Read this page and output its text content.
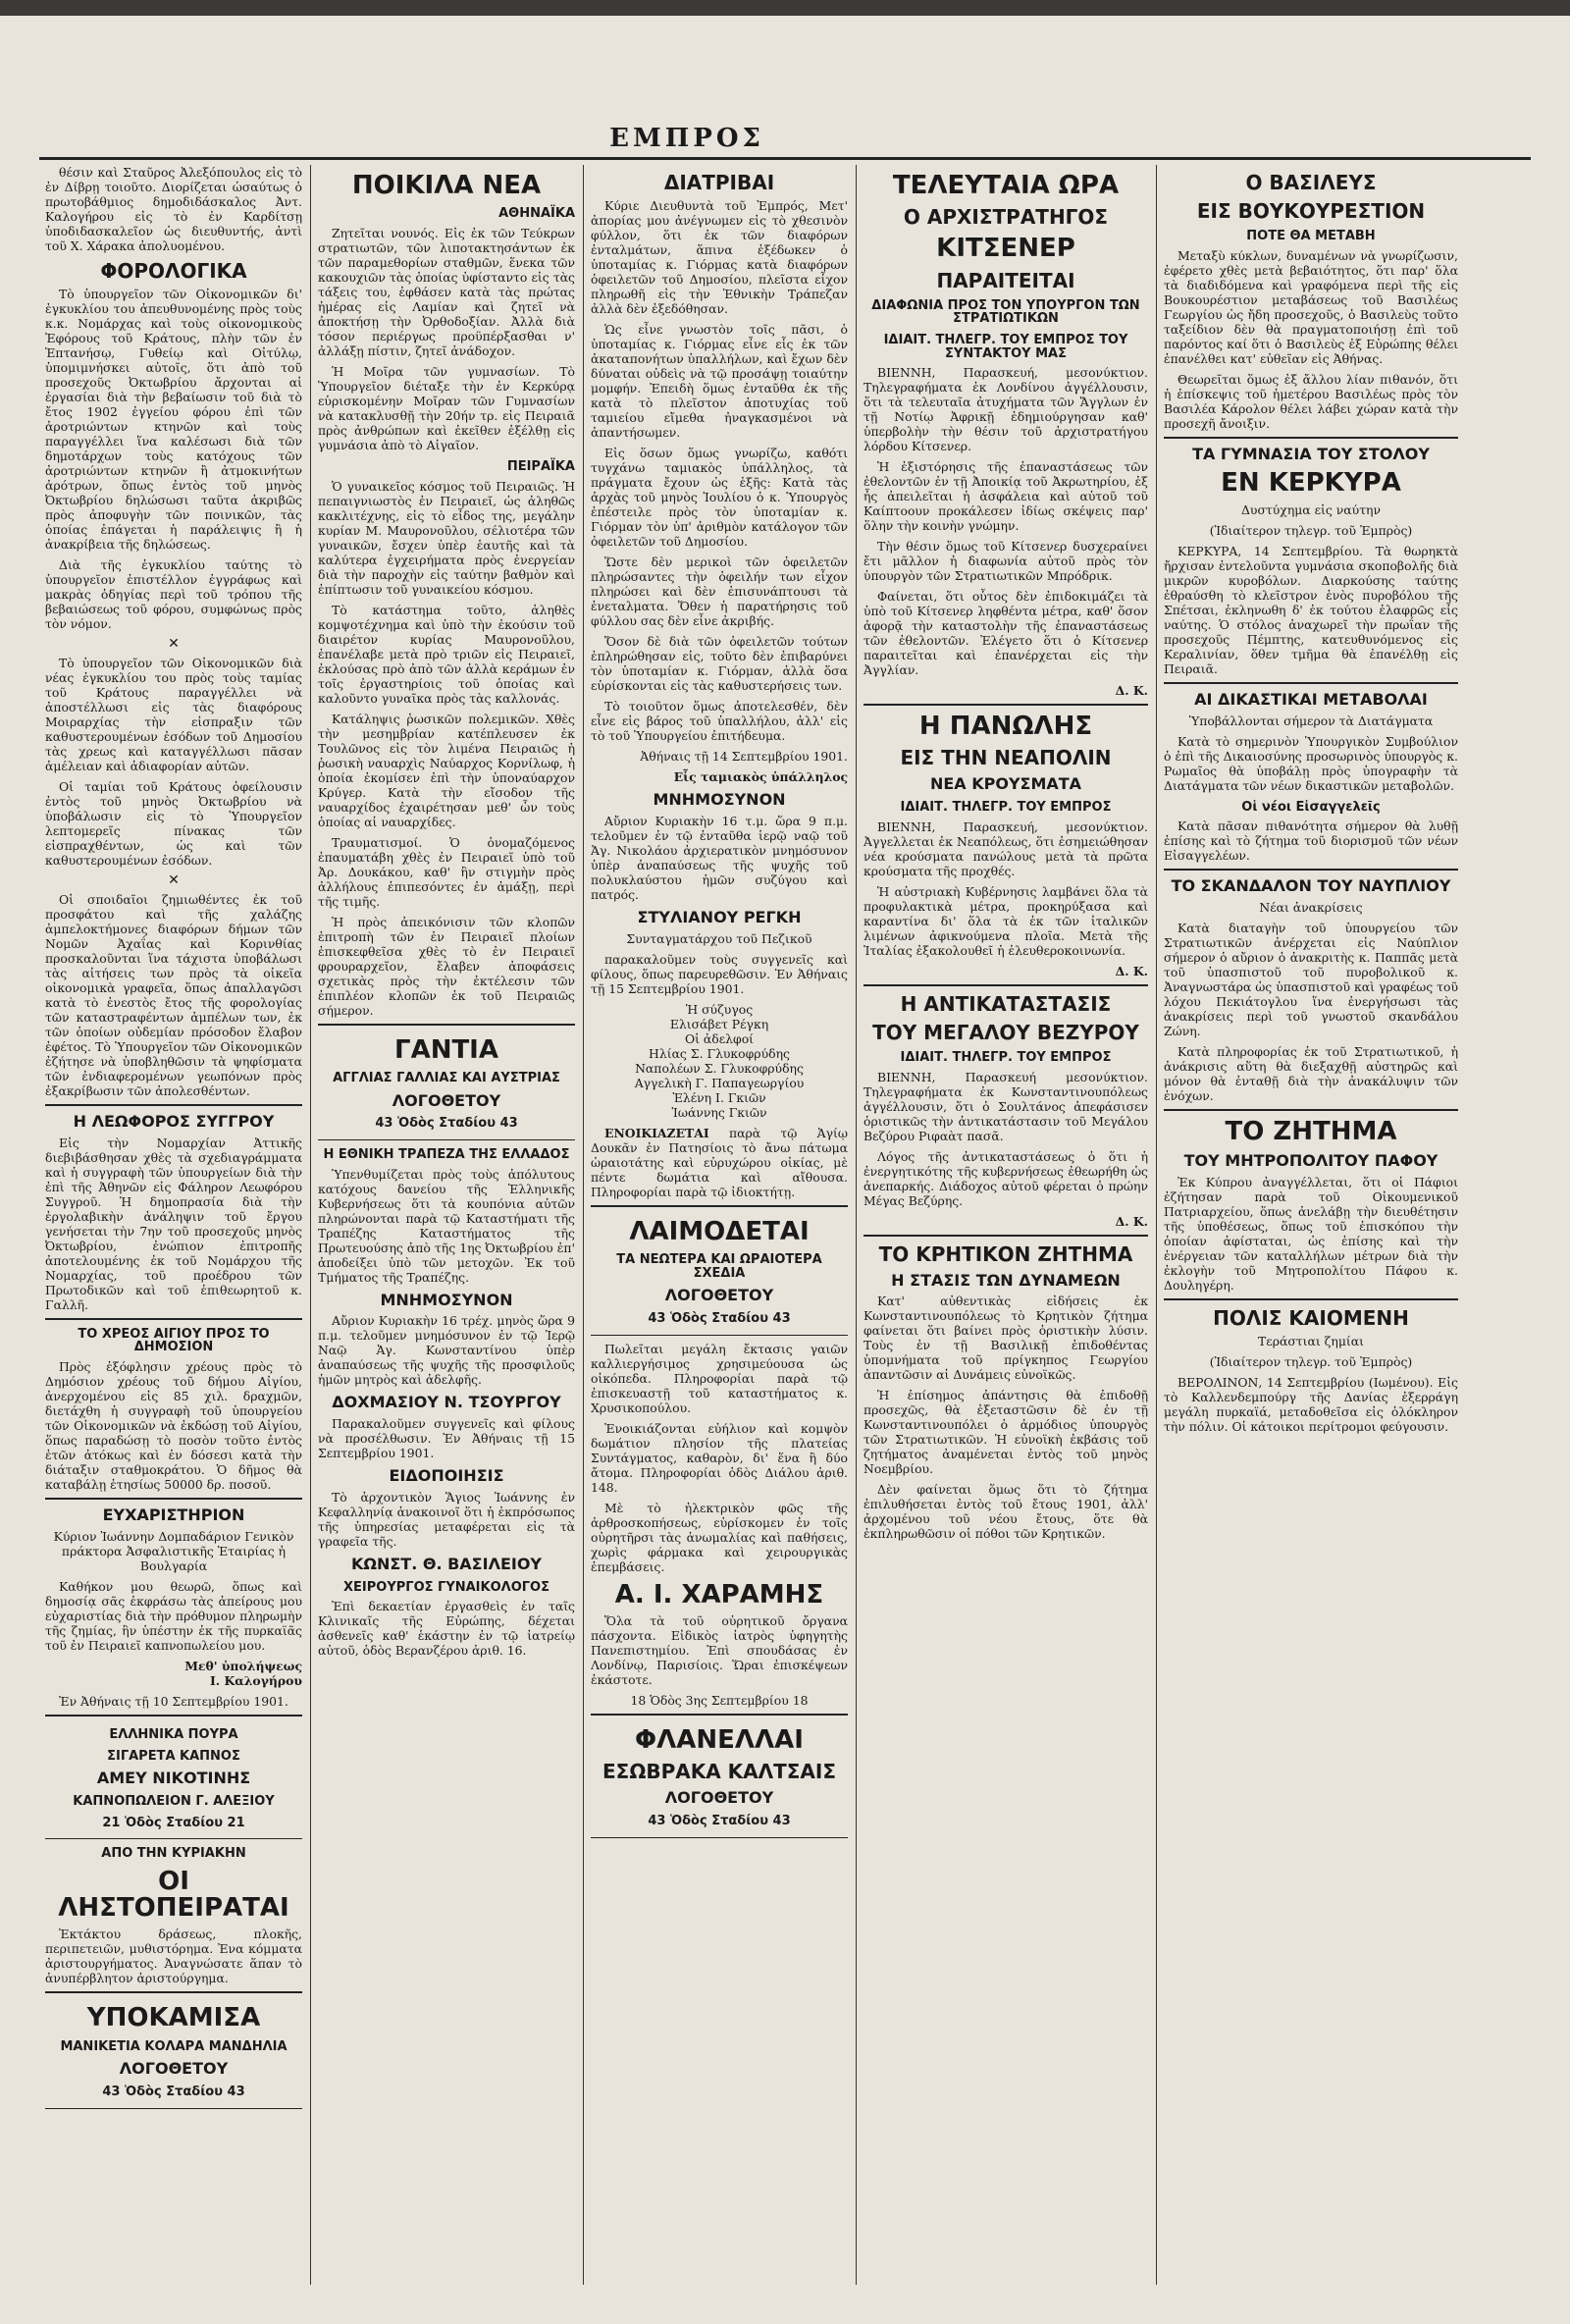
ΕΜΠΡΟΣ

θέσιν καὶ Σταῦρος Ἀλεξόπουλος εἰς τὸ ἐν Δίβρῃ τοιοῦτο. Διορίζεται ὡσαύτως ὁ πρωτοβάθμιος δημοδιδάσκαλος Ἀντ. Καλογήρου εἰς τὸ ἐν Καρδίτσῃ ὑποδιδασκαλεῖον ὡς διευθυντής, ἀντὶ τοῦ Χ. Χάρακα ἀπολυομένου.

ΦΟΡΟΛΟΓΙΚΑ

Τὸ ὑπουργεῖον τῶν Οἰκονομικῶν δι' ἐγκυκλίου του ἀπευθυνομένης πρὸς τοὺς κ.κ. Νομάρχας καὶ τοὺς οἰκονομικοὺς Ἐφόρους τοῦ Κράτους, πλὴν τῶν ἐν Ἑπτανήσῳ, Γυθείῳ καὶ Οἰτύλῳ, ὑπομιμνήσκει αὐτοῖς, ὅτι ἀπὸ τοῦ προσεχοῦς Ὀκτωβρίου ἄρχονται αἱ ἐργασίαι διὰ τὴν βεβαίωσιν τοῦ διὰ τὸ ἔτος 1902 ἐγγείου φόρου ἐπὶ τῶν ἀροτριώντων κτηνῶν καὶ τοὺς παραγγέλλει ἵνα καλέσωσι διὰ τῶν δημοτάρχων τοὺς κατόχους τῶν ἀροτριώντων κτηνῶν ἢ ἀτμοκινήτων ἀρότρων, ὅπως ἐντὸς τοῦ μηνὸς Ὀκτωβρίου δηλώσωσι ταῦτα ἀκριβῶς πρὸς ἀποφυγὴν τῶν ποινικῶν, τὰς ὁποίας ἐπάγεται ἡ παράλειψις ἢ ἡ ἀνακρίβεια τῆς δηλώσεως.

Διὰ τῆς ἐγκυκλίου ταύτης τὸ ὑπουργεῖον ἐπιστέλλον ἐγγράφως καὶ μακρὰς ὁδηγίας περὶ τοῦ τρόπου τῆς βεβαιώσεως τοῦ φόρου, συμφώνως πρὸς τὸν νόμον.

✕

Τὸ ὑπουργεῖον τῶν Οἰκονομικῶν διὰ νέας ἐγκυκλίου του πρὸς τοὺς ταμίας τοῦ Κράτους παραγγέλλει νὰ ἀποστέλλωσι εἰς τὰς διαφόρους Μοιραρχίας τὴν εἰσπραξιν τῶν καθυστερουμένων ἐσόδων τοῦ Δημοσίου τὰς χρεως καὶ καταγγέλλωσι πᾶσαν ἀμέλειαν καὶ ἀδιαφορίαν αὐτῶν.

Οἱ ταμίαι τοῦ Κράτους ὀφείλουσιν ἐντὸς τοῦ μηνὸς Ὀκτωβρίου νὰ ὑποβάλωσιν εἰς τὸ Ὑπουργεῖον λεπτομερεῖς πίνακας τῶν εἰσπραχθέντων, ὡς καὶ τῶν καθυστερουμένων ἐσόδων.

✕

Οἱ σποιδαῖοι ζημιωθέντες ἐκ τοῦ προσφάτου καὶ τῆς χαλάζης ἀμπελοκτήμονες διαφόρων δήμων τῶν Νομῶν Ἀχαΐας καὶ Κορινθίας προσκαλοῦνται ἵνα τάχιστα ὑποβάλωσι τὰς αἰτήσεις των πρὸς τὰ οἰκεῖα οἰκονομικὰ γραφεῖα, ὅπως ἀπαλλαγῶσι κατὰ τὸ ἐνεστὸς ἔτος τῆς φορολογίας τῶν καταστραφέντων ἀμπέλων των, ἐκ τῶν ὁποίων οὐδεμίαν πρόσοδον ἔλαβον ἐφέτος. Τὸ Ὑπουργεῖον τῶν Οἰκονομικῶν ἐζήτησε νὰ ὑποβληθῶσιν τὰ ψηφίσματα τῶν ἐνδιαφερομένων γεωπόνων πρὸς ἐξακρίβωσιν τῶν ἀπολεσθέντων.

Η ΛΕΩΦΟΡΟΣ ΣΥΓΓΡΟΥ

Εἰς τὴν Νομαρχίαν Ἀττικῆς διεβιβάσθησαν χθὲς τὰ σχεδιαγράμματα καὶ ἡ συγγραφὴ τῶν ὑπουργείων διὰ τὴν ἐπὶ τῆς Ἀθηνῶν εἰς Φάληρον Λεωφόρου Συγγροῦ. Ἡ δημοπρασία διὰ τὴν ἐργολαβικὴν ἀνάληψιν τοῦ ἔργου γενήσεται τὴν 7ην τοῦ προσεχοῦς μηνὸς Ὀκτωβρίου, ἐνώπιον ἐπιτροπῆς ἀποτελουμένης ἐκ τοῦ Νομάρχου τῆς Νομαρχίας, τοῦ προέδρου τῶν Πρωτοδικῶν καὶ τοῦ ἐπιθεωρητοῦ κ. Γαλλῆ.

ΤΟ ΧΡΕΟΣ ΑΙΓΙΟΥ ΠΡΟΣ ΤΟ ΔΗΜΟΣΙΟΝ

Πρὸς ἐξόφλησιν χρέους πρὸς τὸ Δημόσιον χρέους τοῦ δήμου Αἰγίου, ἀνερχομένου εἰς 85 χιλ. δραχμῶν, διετάχθη ἡ συγγραφὴ τοῦ ὑπουργείου τῶν Οἰκονομικῶν νὰ ἐκδώσῃ τοῦ Αἰγίου, ὅπως παραδώσῃ τὸ ποσὸν τοῦτο ἐντὸς ἐτῶν ἀτόκως καὶ ἐν δόσεσι κατὰ τὴν διάταξιν σταθμοκράτου. Ὁ δῆμος θὰ καταβάλῃ ἐτησίως 50000 δρ. ποσοῦ.

ΕΥΧΑΡΙΣΤΗΡΙΟΝ

Κύριον Ἰωάννην Δομπαδάριον Γενικὸν πράκτορα Ἀσφαλιστικῆς Ἑταιρίας ἡ Βουλγαρία

Καθήκον μου θεωρῶ, ὅπως καὶ δημοσίᾳ σᾶς ἐκφράσω τὰς ἀπείρους μου εὐχαριστίας διὰ τὴν πρόθυμον πληρωμὴν τῆς ζημίας, ἣν ὑπέστην ἐκ τῆς πυρκαϊᾶς τοῦ ἐν Πειραιεῖ καπνοπωλείου μου.

Μεθ' ὑπολήψεως
Ι. Καλογήρου

Ἐν Ἀθήναις τῇ 10 Σεπτεμβρίου 1901.

ΕΛΛΗΝΙΚΑ ΠΟΥΡΑ
ΣΙΓΑΡΕΤΑ ΚΑΠΝΟΣ
ΑΜΕΥ ΝΙΚΟΤΙΝΗΣ
ΚΑΠΝΟΠΩΛΕΙΟΝ Γ. ΑΛΕΞΙΟΥ
21 Ὁδὸς Σταδίου 21
ΑΠΟ ΤΗΝ ΚΥΡΙΑΚΗΝ
ΟΙ ΛΗΣΤΟΠΕΙΡΑΤΑΙ

Ἐκτάκτου δράσεως, πλοκῆς, περιπετειῶν, μυθιστόρημα. Ἐνα κόμματα ἀριστουργήματος. Ἀναγνώσατε ἅπαν τὸ ἀνυπέρβλητον ἀριστούργημα.

ΥΠΟΚΑΜΙΣΑ
ΜΑΝΙΚΕΤΙΑ ΚΟΛΑΡΑ ΜΑΝΔΗΛΙΑ
ΛΟΓΟΘΕΤΟΥ
43 Ὁδὸς Σταδίου 43
ΠΟΙΚΙΛΑ ΝΕΑ
ΑΘΗΝΑΪΚΑ

Ζητεῖται νουνός. Εἰς ἐκ τῶν Τεύκρων στρατιωτῶν, τῶν λιποτακτησάντων ἐκ τῶν παραμεθορίων σταθμῶν, ἕνεκα τῶν κακουχιῶν τὰς ὁποίας ὑφίσταντο εἰς τὰς τάξεις του, ἐφθάσεν κατὰ τὰς πρώτας ἡμέρας εἰς Λαμίαν καὶ ζητεῖ νὰ ἀποκτήσῃ τὴν Ὀρθοδοξίαν. Ἀλλὰ διὰ τόσον περιέργως προϋπέρξασθαι ν' ἀλλάξῃ πίστιν, ζητεῖ ἀνάδοχον.

Ἡ Μοῖρα τῶν γυμνασίων. Τὸ Ὑπουργεῖον διέταξε τὴν ἐν Κερκύρᾳ εὑρισκομένην Μοῖραν τῶν Γυμνασίων νὰ κατακλυσθῇ τὴν 20ήν τρ. εἰς Πειραιᾶ πρὸς ἀνθρώπων καὶ ἐκεῖθεν ἐξέλθῃ εἰς γυμνάσια ἀπὸ τὸ Αἰγαῖον.

ΠΕΙΡΑΪΚΑ

Ὁ γυναικεῖος κόσμος τοῦ Πειραιῶς. Ἡ πεπαιγνιωστὸς ἐν Πειραιεῖ, ὡς ἀληθῶς κακλιτέχνης, εἰς τὸ εἶδος της, μεγάλην κυρίαν Μ. Μαυρονοῦλου, σέλιοτέρα τῶν γυναικῶν, ἔσχεν ὑπὲρ ἑαυτῆς καὶ τὰ καλύτερα ἐγχειρήματα πρὸς ἐνεργείαν διὰ τὴν παροχὴν εἰς ταύτην βαθμὸν καὶ ἐπίπτωσιν τοῦ γυναικείου κόσμου.

Τὸ κατάστημα τοῦτο, ἀληθὲς κομψοτέχνημα καὶ ὑπὸ τὴν ἐκούσιν τοῦ διαιρέτον κυρίας Μαυρονοῦλου, ἐπανέλαβε μετὰ πρὸ τριῶν εἰς Πειραιεῖ, ἐκλούσας πρὸ ἀπὸ τῶν ἀλλὰ κεράμων ἐν τοῖς ἐργαστηρίοις τοῦ ὁποίας καὶ καλοῦντο γυναῖκα πρὸς τὰς καλλονάς.

Κατάληψις ῥωσικῶν πολεμικῶν. Χθὲς τὴν μεσημβρίαν κατέπλευσεν ἐκ Τουλῶνος εἰς τὸν λιμένα Πειραιῶς ἡ ῥωσικὴ ναυαρχὶς Ναύαρχος Κορνίλωφ, ἡ ὁποία ἐκομίσεν ἐπὶ τὴν ὑποναύαρχον Κρύγερ. Κατὰ τὴν εἴσοδον τῆς ναυαρχίδος ἐχαιρέτησαν μεθ' ὧν τοὺς ὁποίας αἱ ναυαρχίδες.

Τραυματισμοί. Ὁ ὀνομαζόμενος ἐπαυματάβη χθὲς ἐν Πειραιεῖ ὑπὸ τοῦ Ἀρ. Δουκάκου, καθ' ἣν στιγμὴν πρὸς ἀλλήλους ἐπιπεσόντες ἐν ἀμάξῃ, περὶ τῆς τιμῆς.

Ἡ πρὸς ἀπεικόνισιν τῶν κλοπῶν ἐπιτροπὴ τῶν ἐν Πειραιεῖ πλοίων ἐπισκεφθεῖσα χθὲς τὸ ἐν Πειραιεῖ φρουραρχεῖον, ἔλαβεν ἀποφάσεις σχετικὰς πρὸς τὴν ἐκτέλεσιν τῶν ἐπιπλέον κλοπῶν ἐκ τοῦ Πειραιῶς σήμερον.

ΓΑΝΤΙΑ
ΑΓΓΛΙΑΣ ΓΑΛΛΙΑΣ ΚΑΙ ΑΥΣΤΡΙΑΣ
ΛΟΓΟΘΕΤΟΥ
43 Ὁδὸς Σταδίου 43
Η ΕΘΝΙΚΗ ΤΡΑΠΕΖΑ ΤΗΣ ΕΛΛΑΔΟΣ

Ὑπενθυμίζεται πρὸς τοὺς ἀπόλυτους κατόχους δανείου τῆς Ἑλληνικῆς Κυβερνήσεως ὅτι τὰ κουπόνια αὐτῶν πληρώνονται παρὰ τῷ Καταστήματι τῆς Τραπέζης Καταστήματος τῆς Πρωτευούσης ἀπὸ τῆς 1ης Ὀκτωβρίου ἐπ' ἀποδείξει ὑπὸ τῶν μετοχῶν. Ἐκ τοῦ Τμήματος τῆς Τραπέζης.

ΜΝΗΜΟΣΥΝΟΝ

Αὔριον Κυριακὴν 16 τρέχ. μηνὸς ὥρα 9 π.μ. τελοῦμεν μνημόσυνον ἐν τῷ Ἱερῷ Ναῷ Ἁγ. Κωνσταντίνου ὑπὲρ ἀναπαύσεως τῆς ψυχῆς τῆς προσφιλοῦς ἡμῶν μητρὸς καὶ ἀδελφῆς.

ΔΟΧΜΑΣΙΟΥ Ν. ΤΣΟΥΡΓΟΥ

Παρακαλοῦμεν συγγενεῖς καὶ φίλους νὰ προσέλθωσιν. Ἐν Ἀθήναις τῇ 15 Σεπτεμβρίου 1901.

ΕΙΔΟΠΟΙΗΣΙΣ

Τὸ ἀρχοντικὸν Ἅγιος Ἰωάννης ἐν Κεφαλληνίᾳ ἀνακοινοῖ ὅτι ἡ ἐκπρόσωπος τῆς ὑπηρεσίας μεταφέρεται εἰς τὰ γραφεῖα τῆς.

ΚΩΝΣΤ. Θ. ΒΑΣΙΛΕΙΟΥ
ΧΕΙΡΟΥΡΓΟΣ ΓΥΝΑΙΚΟΛΟΓΟΣ

Ἐπὶ δεκαετίαν ἐργασθεὶς ἐν ταῖς Κλινικαῖς τῆς Εὐρώπης, δέχεται ἀσθενεῖς καθ' ἑκάστην ἐν τῷ ἰατρείῳ αὐτοῦ, ὁδὸς Βερανζέρου ἀριθ. 16.

ΔΙΑΤΡΙΒΑΙ

Κύριε Διευθυντὰ τοῦ Ἐμπρός, Μετ' ἀπορίας μου ἀνέγνωμεν εἰς τὸ χθεσινὸν φύλλον, ὅτι ἐκ τῶν διαφόρων ἐνταλμάτων, ἅπινα ἐξέδωκεν ὁ ὑποταμίας κ. Γιόρμας κατὰ διαφόρων ὀφειλετῶν τοῦ Δημοσίου, πλεῖστα εἶχον πληρωθῆ εἰς τὴν Ἐθνικὴν Τράπεζαν ἀλλὰ δὲν ἐξεδόθησαν.

Ὡς εἶνε γνωστὸν τοῖς πᾶσι, ὁ ὑποταμίας κ. Γιόρμας εἶνε εἷς ἐκ τῶν ἀκαταπονήτων ὑπαλλήλων, καὶ ἔχων δὲν δύναται οὐδεὶς νὰ τῷ προσάψῃ τοιαύτην μομφήν. Ἐπειδὴ ὅμως ἐνταῦθα ἐκ τῆς κατὰ τὸ πλεῖστον ἀποτυχίας τοῦ ταμιείου εἴμεθα ἠναγκασμένοι νὰ ἀπαντήσωμεν.

Εἰς ὅσων ὅμως γνωρίζω, καθότι τυγχάνω ταμιακὸς ὑπάλληλος, τὰ πράγματα ἔχουν ὡς ἑξῆς: Κατὰ τὰς ἀρχὰς τοῦ μηνὸς Ἰουλίου ὁ κ. Ὑπουργὸς ἐπέστειλε πρὸς τὸν ὑποταμίαν κ. Γιόρμαν τὸν ὑπ' ἀριθμὸν κατάλογον τῶν ὀφειλετῶν τοῦ Δημοσίου.

Ὥστε δὲν μερικοὶ τῶν ὀφειλετῶν πληρώσαντες τὴν ὀφειλήν των εἶχον πληρώσει καὶ δὲν ἐπισυνάπτουσι τὰ ἐνεταλματα. Ὅθεν ἡ παρατήρησις τοῦ φύλλου σας δὲν εἶνε ἀκριβής.

Ὅσον δὲ διὰ τῶν ὀφειλετῶν τούτων ἐπληρώθησαν εἰς, τοῦτο δὲν ἐπιβαρύνει τὸν ὑποταμίαν κ. Γιόρμαν, ἀλλὰ ὅσα εὑρίσκονται εἰς τὰς καθυστερήσεις των.

Τὸ τοιοῦτον ὅμως ἀποτελεσθέν, δὲν εἶνε εἰς βάρος τοῦ ὑπαλλήλου, ἀλλ' εἰς τὸ τοῦ Ὑπουργείου ἐπιτήδευμα.

Ἀθήναις τῇ 14 Σεπτεμβρίου 1901.

Εἷς ταμιακὸς ὑπάλληλος

ΜΝΗΜΟΣΥΝΟΝ

Αὔριον Κυριακὴν 16 τ.μ. ὥρα 9 π.μ. τελοῦμεν ἐν τῷ ἐνταῦθα ἱερῷ ναῷ τοῦ Ἁγ. Νικολάου ἀρχιερατικὸν μνημόσυνον ὑπὲρ ἀναπαύσεως τῆς ψυχῆς τοῦ πολυκλαύστου ἡμῶν συζύγου καὶ πατρός.

ΣΤΥΛΙΑΝΟΥ ΡΕΓΚΗ

Συνταγματάρχου τοῦ Πεζικοῦ

παρακαλοῦμεν τοὺς συγγενεῖς καὶ φίλους, ὅπως παρευρεθῶσιν. Ἐν Ἀθήναις τῇ 15 Σεπτεμβρίου 1901.

Ἡ σύζυγος
Ελισάβετ Ρέγκη
Οἱ ἀδελφοί
Ηλίας Σ. Γλυκοφρύδης
Ναπολέων Σ. Γλυκοφρύδης
Αγγελικὴ Γ. Παπαγεωργίου
Ἐλένη Ι. Γκιῶν
Ἰωάννης Γκιῶν

ΕΝΟΙΚΙΑΖΕΤΑΙ παρὰ τῷ Ἁγίῳ Δουκᾶν ἐν Πατησίοις τὸ ἄνω πάτωμα ὡραιοτάτης καὶ εὐρυχώρου οἰκίας, μὲ πέντε δωμάτια καὶ αἴθουσα. Πληροφορίαι παρὰ τῷ ἰδιοκτήτῃ.

ΛΑΙΜΟΔΕΤΑΙ
ΤΑ ΝΕΩΤΕΡΑ ΚΑΙ ΩΡΑΙΟΤΕΡΑ ΣΧΕΔΙΑ
ΛΟΓΟΘΕΤΟΥ
43 Ὁδὸς Σταδίου 43

Πωλεῖται μεγάλη ἔκτασις γαιῶν καλλιεργήσιμος χρησιμεύουσα ὡς οἰκόπεδα. Πληροφορίαι παρὰ τῷ ἐπισκευαστῇ τοῦ καταστήματος κ. Χρυσικοπούλου.

Ἐνοικιάζονται εὐήλιον καὶ κομψὸν δωμάτιον πλησίον τῆς πλατείας Συντάγματος, καθαρὸν, δι' ἕνα ἢ δύο ἄτομα. Πληροφορίαι ὁδὸς Διάλου ἀριθ. 148.

Μὲ τὸ ἠλεκτρικὸν φῶς τῆς ἀρθροσκοπήσεως, εὑρίσκομεν ἐν τοῖς οὐρητῆρσι τὰς ἀνωμαλίας καὶ παθήσεις, χωρὶς φάρμακα καὶ χειρουργικὰς ἐπεμβάσεις.

Α. Ι. ΧΑΡΑΜΗΣ

Ὅλα τὰ τοῦ οὐρητικοῦ ὄργανα πάσχοντα. Εἰδικὸς ἰατρὸς ὑφηγητὴς Πανεπιστημίου. Ἐπὶ σπουδάσας ἐν Λονδίνῳ, Παρισίοις. Ὥραι ἐπισκέψεων ἐκάστοτε.

18 Ὁδὸς 3ης Σεπτεμβρίου 18

ΦΛΑΝΕΛΛΑΙ
ΕΣΩΒΡΑΚΑ ΚΑΛΤΣΑΙΣ
ΛΟΓΟΘΕΤΟΥ
43 Ὁδὸς Σταδίου 43
ΤΕΛΕΥΤΑΙΑ ΩΡΑ
Ο ΑΡΧΙΣΤΡΑΤΗΓΟΣ
ΚΙΤΣΕΝΕΡ
ΠΑΡΑΙΤΕΙΤΑΙ
ΔΙΑΦΩΝΙΑ ΠΡΟΣ ΤΟΝ ΥΠΟΥΡΓΟΝ ΤΩΝ ΣΤΡΑΤΙΩΤΙΚΩΝ
ΙΔΙΑΙΤ. ΤΗΛΕΓΡ. ΤΟΥ ΕΜΠΡΟΣ ΤΟΥ ΣΥΝΤΑΚΤΟΥ ΜΑΣ

ΒΙΕΝΝΗ, Παρασκευή, μεσονύκτιον. Τηλεγραφήματα ἐκ Λονδίνου ἀγγέλλουσιν, ὅτι τὰ τελευταῖα ἀτυχήματα τῶν Ἄγγλων ἐν τῇ Νοτίῳ Ἀφρικῇ ἐδημιούργησαν καθ' ὑπερβολὴν τὴν θέσιν τοῦ ἀρχιστρατήγου λόρδου Κίτσενερ.

Ἡ ἐξιστόρησις τῆς ἐπαναστάσεως τῶν ἐθελοντῶν ἐν τῇ Ἀποικίᾳ τοῦ Ἀκρωτηρίου, ἐξ ἧς ἀπειλεῖται ἡ ἀσφάλεια καὶ αὐτοῦ τοῦ Καίπτοουν προκάλεσεν ἰδίως σκέψεις παρ' ὅλην τὴν κοινὴν γνώμην.

Τὴν θέσιν ὅμως τοῦ Κίτσενερ δυσχεραίνει ἔτι μᾶλλον ἡ διαφωνία αὐτοῦ πρὸς τὸν ὑπουργὸν τῶν Στρατιωτικῶν Μπρόδρικ.

Φαίνεται, ὅτι οὗτος δὲν ἐπιδοκιμάζει τὰ ὑπὸ τοῦ Κίτσενερ ληφθέντα μέτρα, καθ' ὅσον ἀφορᾷ τὴν καταστολὴν τῆς ἐπαναστάσεως τῶν ἐθελοντῶν. Ἐλέγετο ὅτι ὁ Κίτσενερ παραιτεῖται καὶ ἐπανέρχεται εἰς τὴν Ἀγγλίαν.

Δ. Κ.

Η ΠΑΝΩΛΗΣ
ΕΙΣ ΤΗΝ ΝΕΑΠΟΛΙΝ
ΝΕΑ ΚΡΟΥΣΜΑΤΑ
ΙΔΙΑΙΤ. ΤΗΛΕΓΡ. ΤΟΥ ΕΜΠΡΟΣ

ΒΙΕΝΝΗ, Παρασκευή, μεσονύκτιον. Ἀγγελλεται ἐκ Νεαπόλεως, ὅτι ἐσημειώθησαν νέα κρούσματα πανώλους μετὰ τὰ πρῶτα κρούσματα τῆς προχθές.

Ἡ αὐστριακὴ Κυβέρνησις λαμβάνει ὅλα τὰ προφυλακτικὰ μέτρα, προκηρύξασα καὶ καραντίνα δι' ὅλα τὰ ἐκ τῶν ἰταλικῶν λιμένων ἀφικνούμενα πλοῖα. Μετὰ τῆς Ἰταλίας ἐξακολουθεῖ ἡ ἐλευθεροκοινωνία.

Δ. Κ.

Η ΑΝΤΙΚΑΤΑΣΤΑΣΙΣ
ΤΟΥ ΜΕΓΑΛΟΥ ΒΕΖΥΡΟΥ
ΙΔΙΑΙΤ. ΤΗΛΕΓΡ. ΤΟΥ ΕΜΠΡΟΣ

ΒΙΕΝΝΗ, Παρασκευή μεσονύκτιον. Τηλεγραφήματα ἐκ Κωνσταντινουπόλεως ἀγγέλλουσιν, ὅτι ὁ Σουλτάνος ἀπεφάσισεν ὁριστικῶς τὴν ἀντικατάστασιν τοῦ Μεγάλου Βεζύρου Ριφαὰτ πασᾶ.

Λόγος τῆς ἀντικαταστάσεως ὁ ὅτι ἡ ἐνεργητικότης τῆς κυβερνήσεως ἐθεωρήθη ὡς ἀνεπαρκής. Διάδοχος αὐτοῦ φέρεται ὁ πρώην Μέγας Βεζύρης.

Δ. Κ.

ΤΟ ΚΡΗΤΙΚΟΝ ΖΗΤΗΜΑ
Η ΣΤΑΣΙΣ ΤΩΝ ΔΥΝΑΜΕΩΝ

Κατ' αὐθεντικὰς εἰδήσεις ἐκ Κωνσταντινουπόλεως τὸ Κρητικὸν ζήτημα φαίνεται ὅτι βαίνει πρὸς ὁριστικὴν λύσιν. Τοὺς ἐν τῇ Βασιλικῇ ἐπιδοθέντας ὑπομνήματα τοῦ πρίγκηπος Γεωργίου ἀπαντῶσιν αἱ Δυνάμεις εὐνοϊκῶς.

Ἡ ἐπίσημος ἀπάντησις θὰ ἐπιδοθῇ προσεχῶς, θὰ ἐξεταστῶσιν δὲ ἐν τῇ Κωνσταντινουπόλει ὁ ἀρμόδιος ὑπουργὸς τῶν Στρατιωτικῶν. Ἡ εὐνοϊκὴ ἐκβάσις τοῦ ζητήματος ἀναμένεται ἐντὸς τοῦ μηνὸς Νοεμβρίου.

Δὲν φαίνεται ὅμως ὅτι τὸ ζήτημα ἐπιλυθήσεται ἐντὸς τοῦ ἔτους 1901, ἀλλ' ἀρχομένου τοῦ νέου ἔτους, ὅτε θὰ ἐκπληρωθῶσιν οἱ πόθοι τῶν Κρητικῶν.

Ο ΒΑΣΙΛΕΥΣ
ΕΙΣ ΒΟΥΚΟΥΡΕΣΤΙΟΝ
ΠΟΤΕ ΘΑ ΜΕΤΑΒΗ

Μεταξὺ κύκλων, δυναμένων νὰ γνωρίζωσιν, ἐφέρετο χθὲς μετὰ βεβαιότητος, ὅτι παρ' ὅλα τὰ διαδιδόμενα καὶ γραφόμενα περὶ τῆς εἰς Βουκουρέστιον μεταβάσεως τοῦ Βασιλέως Γεωργίου ὡς ἤδη προσεχοῦς, ὁ Βασιλεὺς τοῦτο ταξείδιον δὲν θὰ πραγματοποιήσῃ ἐπὶ τοῦ παρόντος καί ὅτι ὁ Βασιλεὺς ἐξ Εὐρώπης θέλει ἐπανέλθει κατ' εὐθεῖαν εἰς Ἀθήνας.

Θεωρεῖται ὅμως ἐξ ἄλλου λίαν πιθανόν, ὅτι ἡ ἐπίσκεψις τοῦ ἡμετέρου Βασιλέως πρὸς τὸν Βασιλέα Κάρολον θέλει λάβει χώραν κατὰ τὴν προσεχῆ ἄνοιξιν.

ΤΑ ΓΥΜΝΑΣΙΑ ΤΟΥ ΣΤΟΛΟΥ
ΕΝ ΚΕΡΚΥΡΑ

Δυστύχημα εἰς ναύτην

(Ἰδιαίτερον τηλεγρ. τοῦ Ἐμπρὸς)

ΚΕΡΚΥΡΑ, 14 Σεπτεμβρίου. Τὰ θωρηκτὰ ἤρχισαν ἐντελοῦντα γυμνάσια σκοποβολῆς διὰ μικρῶν κυροβόλων. Διαρκούσης ταύτης ἐθραύσθη τὸ κλεῖστρον ἑνὸς πυροβόλου τῆς Σπέτσαι, ἐκληνωθη δ' ἐκ τούτου ἐλαφρῶς εἷς ναύτης. Ὁ στόλος ἀναχωρεῖ τὴν πρωΐαν τῆς προσεχοῦς Πέμπτης, κατευθυνόμενος εἰς Κεραλινίαν, ὅθεν τμῆμα θὰ ἐπανέλθῃ εἰς Πειραιᾶ.

ΑΙ ΔΙΚΑΣΤΙΚΑΙ ΜΕΤΑΒΟΛΑΙ

Ὑποβάλλονται σήμερον τὰ Διατάγματα

Κατὰ τὸ σημερινὸν Ὑπουργικὸν Συμβούλιον ὁ ἐπὶ τῆς Δικαιοσύνης προσωρινὸς ὑπουργὸς κ. Ρωμαῖος θὰ ὑποβάλῃ πρὸς ὑπογραφὴν τὰ Διατάγματα τῶν νέων δικαστικῶν μεταβολῶν.

Οἱ νέοι Εἰσαγγελεῖς

Κατὰ πᾶσαν πιθανότητα σήμερον θὰ λυθῇ ἐπίσης καὶ τὸ ζήτημα τοῦ διορισμοῦ τῶν νέων Εἰσαγγελέων.

ΤΟ ΣΚΑΝΔΑΛΟΝ ΤΟΥ ΝΑΥΠΛΙΟΥ

Νέαι ἀνακρίσεις

Κατὰ διαταγὴν τοῦ ὑπουργείου τῶν Στρατιωτικῶν ἀνέρχεται εἰς Ναύπλιον σήμερον ὁ αὔριον ὁ ἀνακριτὴς κ. Παππᾶς μετὰ τοῦ ὑπασπιστοῦ τοῦ πυροβολικοῦ κ. Ἀναγνωστάρα ὡς ὑπασπιστοῦ καὶ γραφέως τοῦ λόχου Πεκιάτογλου ἵνα ἐνεργήσωσι τὰς ἀνακρίσεις περὶ τοῦ γνωστοῦ σκανδάλου Ζώνη.

Κατὰ πληροφορίας ἐκ τοῦ Στρατιωτικοῦ, ἡ ἀνάκρισις αὕτη θὰ διεξαχθῇ αὐστηρῶς καὶ μόνον θὰ ἐνταθῇ διὰ τὴν ἀνακάλυψιν τῶν ἐνόχων.

ΤΟ ΖΗΤΗΜΑ
ΤΟΥ ΜΗΤΡΟΠΟΛΙΤΟΥ ΠΑΦΟΥ

Ἐκ Κύπρου ἀναγγέλλεται, ὅτι οἱ Πάφιοι ἐζήτησαν παρὰ τοῦ Οἰκουμενικοῦ Πατριαρχείου, ὅπως ἀνελάβῃ τὴν διευθέτησιν τῆς ὑποθέσεως, ὅπως τοῦ ἐπισκόπου τὴν ὁποίαν ἀφίσταται, ὡς ἐπίσης καὶ τὴν ἐνέργειαν τῶν καταλλήλων μέτρων διὰ τὴν ἐκλογὴν τοῦ Μητροπολίτου Πάφου κ. Δουληγέρη.

ΠΟΛΙΣ ΚΑΙΟΜΕΝΗ

Τεράστιαι ζημίαι

(Ἰδιαίτερον τηλεγρ. τοῦ Ἐμπρὸς)

ΒΕΡΟΛΙΝΟΝ, 14 Σεπτεμβρίου (Ιωμένου). Εἰς τὸ Καλλενδεμπούργ τῆς Δανίας ἐξερράγη μεγάλη πυρκαϊά, μεταδοθεῖσα εἰς ὁλόκληρον τὴν πόλιν. Οἱ κάτοικοι περίτρομοι φεύγουσιν.
